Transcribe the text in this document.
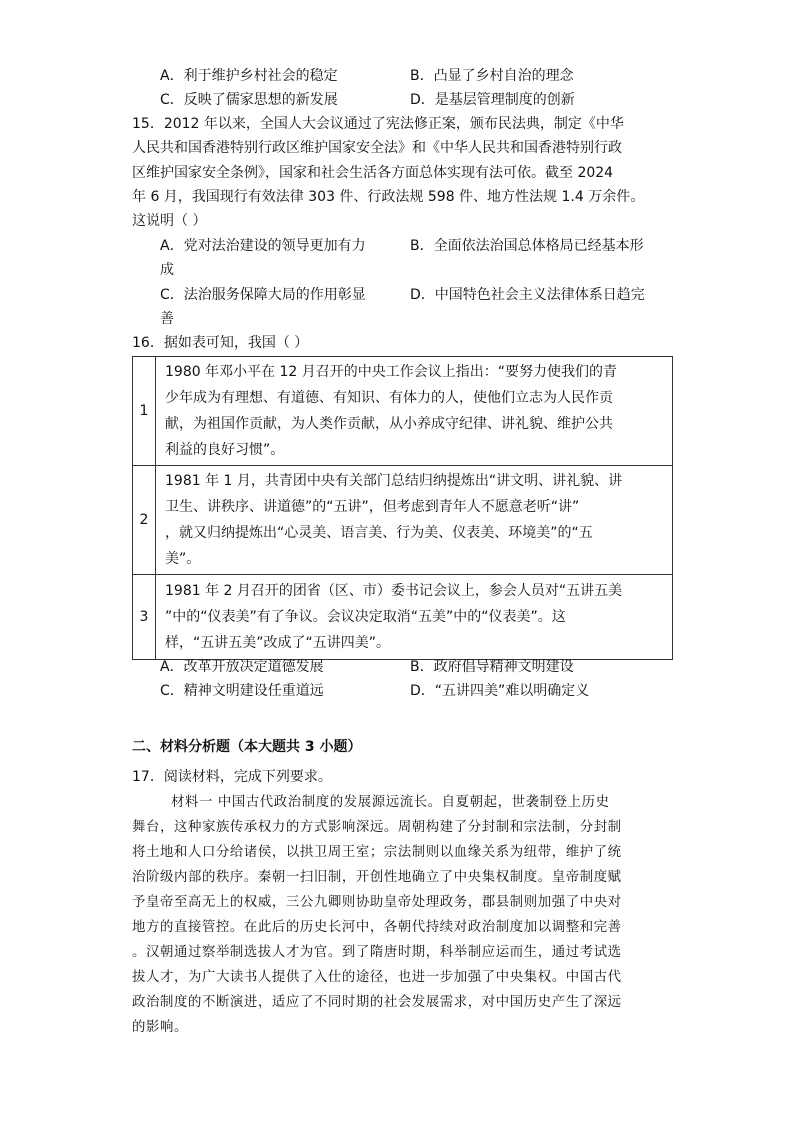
A．利于维护乡村社会的稳定	B．凸显了乡村自治的理念
C．反映了儒家思想的新发展	D．是基层管理制度的创新
15．2012 年以来，全国人大会议通过了宪法修正案，颁布民法典，制定《中华
人民共和国香港特别行政区维护国家安全法》和《中华人民共和国香港特别行政
区维护国家安全条例》，国家和社会生活各方面总体实现有法可依。截至 2024
年 6 月，我国现行有效法律 303 件、行政法规 598 件、地方性法规 1.4 万余件。
这说明（ ）
A．党对法治建设的领导更加有力	B．全面依法治国总体格局已经基本形
成
C．法治服务保障大局的作用彰显	D．中国特色社会主义法律体系日趋完
善
16．据如表可知，我国（ ）
1	1980 年邓小平在 12 月召开的中央工作会议上指出：“要努力使我们的青
少年成为有理想、有道德、有知识、有体力的人，使他们立志为人民作贡
献，为祖国作贡献，为人类作贡献，从小养成守纪律、讲礼貌、维护公共
利益的良好习惯”。

2	1981 年 1 月，共青团中央有关部门总结归纳提炼出“讲文明、讲礼貌、讲
卫生、讲秩序、讲道德”的“五讲”，但考虑到青年人不愿意老听“讲”
，就又归纳提炼出“心灵美、语言美、行为美、仪表美、环境美”的“五
美”。

3	1981 年 2 月召开的团省（区、市）委书记会议上，参会人员对“五讲五美
”中的“仪表美”有了争议。会议决定取消“五美”中的“仪表美”。这
样，“五讲五美”改成了“五讲四美”。
A．改革开放决定道德发展	B．政府倡导精神文明建设
C．精神文明建设任重道远	D．“五讲四美”难以明确定义
二、材料分析题（本大题共 3 小题）
17．阅读材料，完成下列要求。
材料一 中国古代政治制度的发展源远流长。自夏朝起，世袭制登上历史
舞台，这种家族传承权力的方式影响深远。周朝构建了分封制和宗法制，分封制
将土地和人口分给诸侯，以拱卫周王室；宗法制则以血缘关系为纽带，维护了统
治阶级内部的秩序。秦朝一扫旧制，开创性地确立了中央集权制度。皇帝制度赋
予皇帝至高无上的权威，三公九卿则协助皇帝处理政务，郡县制则加强了中央对
地方的直接管控。在此后的历史长河中，各朝代持续对政治制度加以调整和完善
。汉朝通过察举制选拔人才为官。到了隋唐时期，科举制应运而生，通过考试选
拔人才，为广大读书人提供了入仕的途径，也进一步加强了中央集权。中国古代
政治制度的不断演进，适应了不同时期的社会发展需求，对中国历史产生了深远
的影响。
